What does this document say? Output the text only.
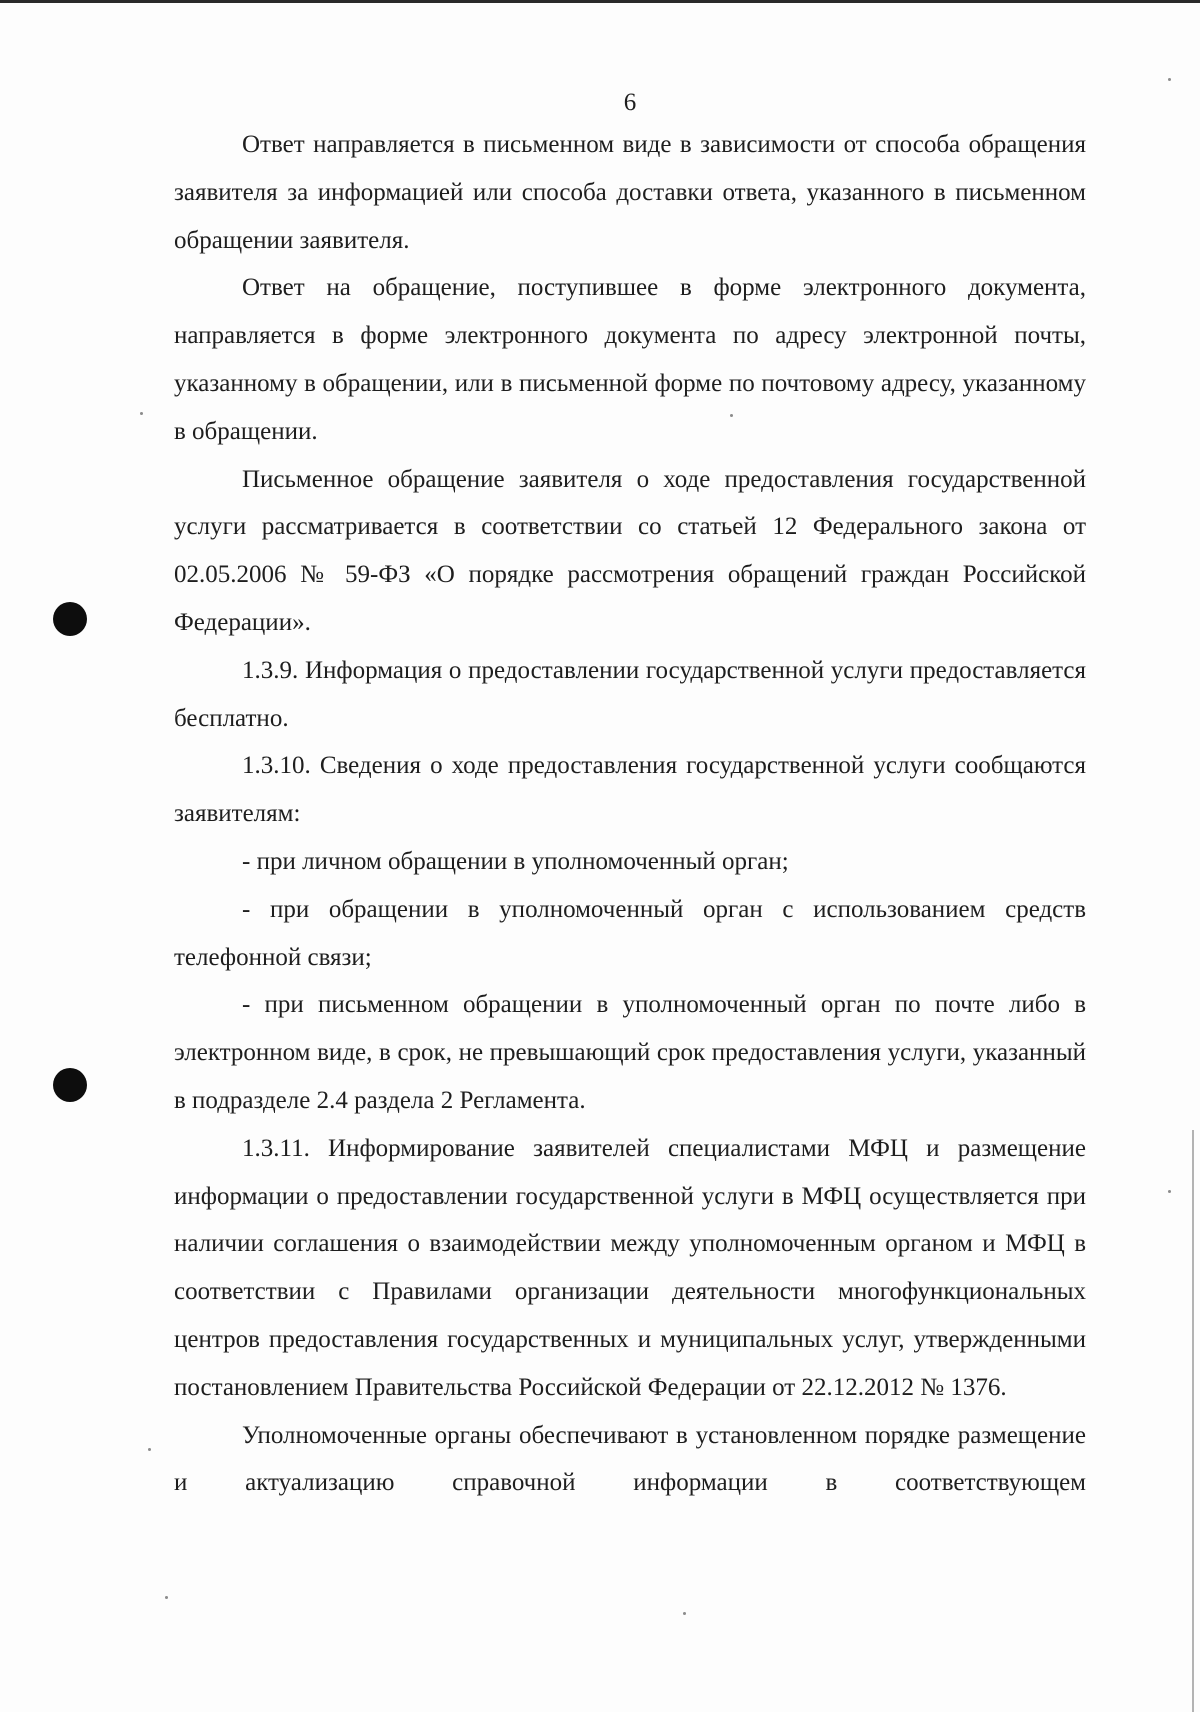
6

Ответ направляется в письменном виде в зависимости от способа обращения заявителя за информацией или способа доставки ответа, указанного в письменном обращении заявителя.

Ответ на обращение, поступившее в форме электронного документа, направляется в форме электронного документа по адресу электронной почты, указанному в обращении, или в письменной форме по почтовому адресу, указанному в обращении.

Письменное обращение заявителя о ходе предоставления государственной услуги рассматривается в соответствии со статьей 12 Федерального закона от 02.05.2006 № 59-ФЗ «О порядке рассмотрения обращений граждан Российской Федерации».

1.3.9. Информация о предоставлении государственной услуги предоставляется бесплатно.

1.3.10. Сведения о ходе предоставления государственной услуги сообщаются заявителям:

- при личном обращении в уполномоченный орган;

- при обращении в уполномоченный орган с использованием средств телефонной связи;

- при письменном обращении в уполномоченный орган по почте либо в электронном виде, в срок, не превышающий срок предоставления услуги, указанный в подразделе 2.4 раздела 2 Регламента.

1.3.11. Информирование заявителей специалистами МФЦ и размещение информации о предоставлении государственной услуги в МФЦ осуществляется при наличии соглашения о взаимодействии между уполномоченным органом и МФЦ в соответствии с Правилами организации деятельности многофункциональных центров предоставления государственных и муниципальных услуг, утвержденными постановлением Правительства Российской Федерации от 22.12.2012 № 1376.

Уполномоченные органы обеспечивают в установленном порядке размещение и актуализацию справочной информации в соответствующем
